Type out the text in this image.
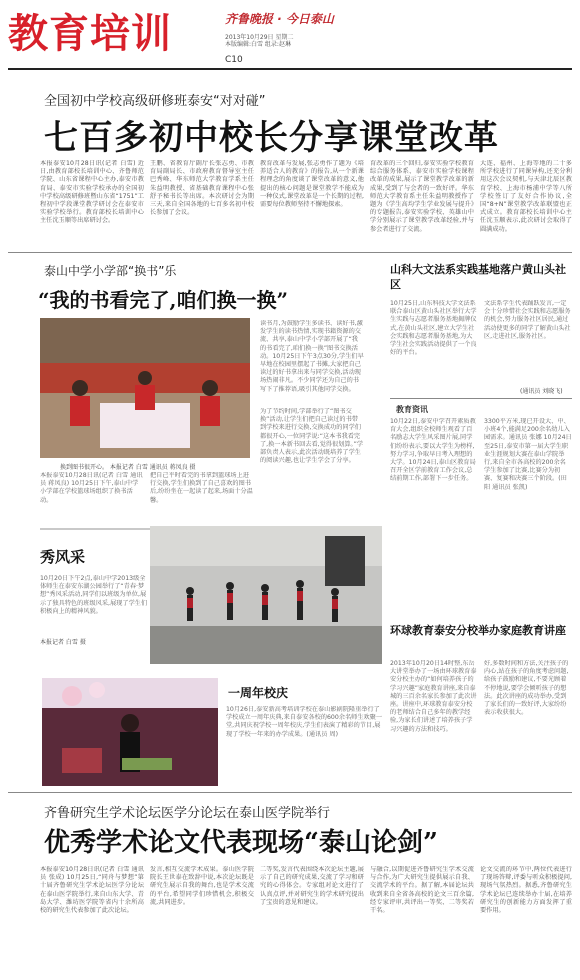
教育培训	齐鲁晚报 · 今日泰山
2013年10月29日 星期二
本版编辑:白雪 组录:赵琳
C10
全国初中学校高级研修班泰安“对对碰”
七百多初中校长分享课堂改革
本报泰安10月28日讯(记者 白雪) 近日,由教育部校长培训中心、齐鲁师范学院、山东省课程中心主办,泰安市教育局、泰安市实验学校承办的全国初中学校高级研修班暨山东省“1751”工程初中学段课堂教学研讨会在泰安市实验学校举行。教育部校长培训中心主任沈玉顺等出席研讨会。
王鹏、省教育厅副厅长张志勇、市教育局副局长、市政府教育督导室主任巴秀峰、华东师范大学教育学系主任朱益明教授、省基础教育课程中心张舒予秘书长等出席。本次研讨会为期三天,来自全国各地的七百多名初中校长参加了会议。
教育改革与发展,张志勇作了题为《培养适合人的教育》的报告,从一个新课程理念的角度谈了课堂改革的意义,他提出的核心问题是课堂教学不能成为一种仪式,课堂改革是一个长期的过程,需要每位教师坚持不懈地探索。
育改革的三个回归,泰安实验学校教育综合服务体系、泰安市实验学校课程改革的成果,展示了课堂教学改革的新成果,受到了与会者的一致好评。华东师范大学教育系主任朱益明教授作了题为《学生高均学生学业发展与提升》的专题报告,泰安实验学校、英雄山中学分别展示了课堂教学改革经验,并与参会者进行了交流。
大连、福州、上海等地的二十多所学校进行了同课异构,还充分利用这次会议契机,与天津北辰区教育学校、上海市杨浦中学等八所学校签订了友好合作协议,全国“8+N”课堂教学改革联盟也正式成立。教育部校长培训中心主任沈玉顺表示,此次研讨会取得了圆满成功。
泰山中学小学部“换书”乐
“我的书看完了,咱们换一换”
换到图书很开心。 本报记者 白雪 通讯员 蒋凤良 摄
读书月,为鼓励学生多读书、读好书,激发学生的读书热情,实现书籍资源的交流、共享,泰山中学小学部开展了“我的书看完了,咱们换一换”图书交换活动。10月25日下午3点30分,学生们早早地在校园里摆起了书摊,大家把自己读过的好书拿出来与同学交换,活动现场热闹非凡。不少同学还为自己的书写下了推荐语,吸引其他同学交换。
为了节约时间,学部举行了“图书交换”活动,让学生们把自己读过的书带到学校来进行交换,交换成功的同学们都很开心,一位同学说:“这本书我看完了,换一本新书回去看,觉得很划算。”学部负责人表示,此次活动既培养了学生的阅读兴趣,也让学生学会了分享。
本报泰安10月28日讯(记者 白雪 通讯员 蒋凤良) 10月25日下午,泰山中学小学部在学校篮球场组织了换书活动。
把自己平时看完的书拿到篮球场上进行交换,学生们换到了自己喜欢的图书后,纷纷坐在一起读了起来,场面十分温馨。
山科大文法系实践基地落户黄山头社区
10月25日,山东科技大学文法系联合泰山区黄山头社区举行大学生实践与志愿者服务基地揭牌仪式,在黄山头社区,建立大学生社会实践和志愿者服务基地,为大学生社会实践活动提供了一个良好的平台。
文法系学生代表踊跃发言,一定会十分珍惜社会实践和志愿服务的机会,努力服务社区居民,通过活动使更多的同学了解黄山头社区,走进社区,服务社区。
(通讯员 刘晓飞)
教育资讯
10月22日,泰安中学召开素质教育大会,组织全校师生观看了百名励志大学生风采图片展,同学们纷纷表示,要以大学生为榜样,努力学习,争取早日考入理想的大学。10月24日,泰山区教育局召开全区学前教育工作会议,总结前期工作,部署下一步任务。
3300平方米,现已开设大、中、小班4个,能满足200余名幼儿入园需求。通讯员 张娜 10月24日至25日,泰安市第一届大学生职业生涯规划大赛在泰山学院举行,来自全市各高校的200余名学生参加了比赛,比赛分为初赛、复赛和决赛三个阶段。(田阳 通讯员 张凯)
秀风采
10月20日下午2点,泰山中学2013级全体师生在泰安东湖公园举行了“青春·梦想”秀风采活动,同学们以班级为单位,展示了独具特色的班级风采,展现了学生们积极向上的精神风貌。
本报记者 白雪 摄
环球教育泰安分校举办家庭教育讲座
2013年10月20日14时整,东岳大讲堂举办了一场由环球教育泰安分校主办的“如何培养孩子的学习兴趣”家庭教育讲座,来自泰城的三百余名家长参加了此次讲座。讲座中,环球教育泰安分校的老师结合自己多年的教学经验,为家长们讲述了培养孩子学习兴趣的方法和技巧。
好,多数时间和方法,关注孩子的内心,站在孩子的角度考虑问题,给孩子鼓励和建议,不要光顾着不停地说,要学会倾听孩子的想法。此次讲座的成功举办,受到了家长们的一致好评,大家纷纷表示收获很大。
一周年校庆
10月26日,泰安新高考培训学校在泰山影剧院隆重举行了学校成立一周年庆典,来自泰安各校的600余名师生欢聚一堂,共同庆祝学校一周年校庆,学生们表演了精彩的节目,展现了学校一年来的办学成果。(通讯员 周)
齐鲁研究生学术论坛医学分论坛在泰山医学院举行
优秀学术论文代表现场“泰山论剑”
本报泰安10月28日讯(记者 白雪 通讯员 张成) 10月25日,“同舟与梦想”第十届齐鲁研究生学术论坛医学分论坛在泰山医学院举行,来自山东大学、青岛大学、潍坊医学院等省内十余所高校的研究生代表参加了此次论坛。
发言,相互交流学术成果。泰山医学院院长王世泰在致辞中说,本次论坛既是研究生展示自我的舞台,也是学术交流的平台,希望同学们珍惜机会,积极交流,共同进步。
二等奖,发言代表围绕本次论坛主题,展示了自己的研究成果,交流了学习和研究的心得体会。专家组对论文进行了认真点评,并对研究生的学术研究提出了宝贵的意见和建议。
与融合,以期促进齐鲁研究生学术交流与合作,为广大研究生提供展示自我、交流学术的平台。据了解,本届论坛共收到来自全省各高校的论文三百余篇,经专家评审,共评出一等奖、二等奖若干名。
论文交流的环节中,两位代表进行了现场答辩,评委与听众积极提问,现场气氛热烈。据悉,齐鲁研究生学术论坛已连续举办十届,在培养研究生的创新能力方面发挥了重要作用。
